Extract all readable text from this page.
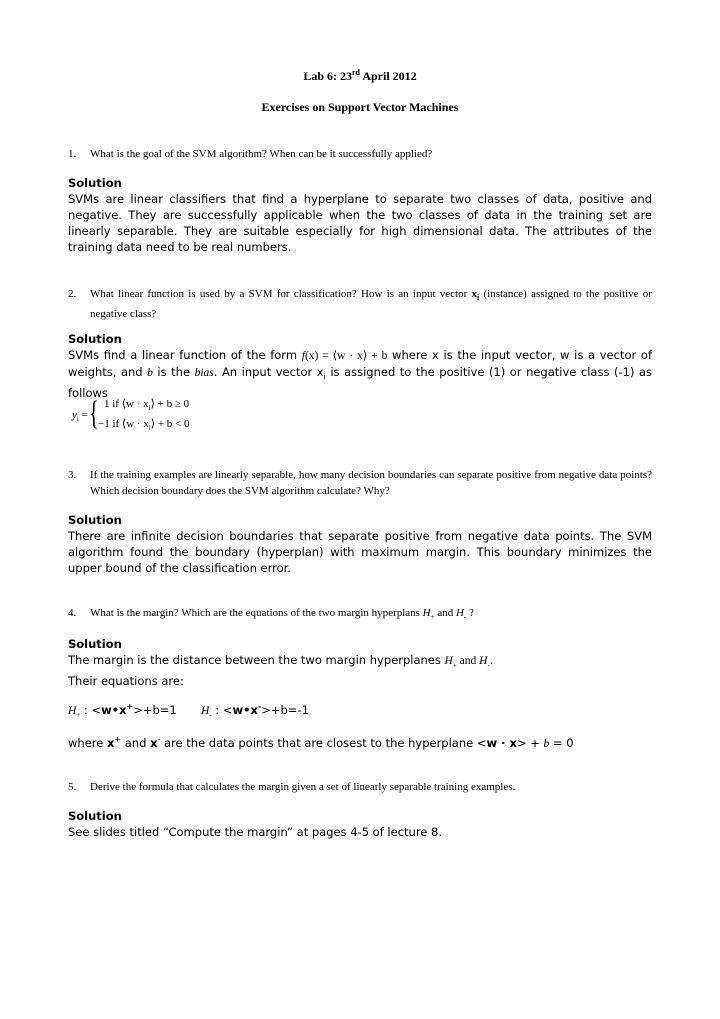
Lab 6: 23rd April 2012
Exercises on Support Vector Machines
1.	What is the goal of the SVM algorithm? When can be it successfully applied?
Solution
SVMs are linear classifiers that find a hyperplane to separate two classes of data, positive and negative. They are successfully applicable when the two classes of data in the training set are linearly separable. They are suitable especially for high dimensional data. The attributes of the training data need to be real numbers.
2.	What linear function is used by a SVM for classification? How is an input vector $x_i$ (instance) assigned to the positive or negative class?
Solution
SVMs find a linear function of the form f(x) = ⟨w · x⟩ + b where x is the input vector, w is a vector of weights, and b is the bias. An input vector $x_i$ is assigned to the positive (1) or negative class (-1) as follows
$y_i$ = { 1 if ⟨w · $x_i⟩ + b \ge 0$
−1 if ⟨w · $x_i⟩ + b < 0$
3.	If the training examples are linearly separable, how many decision boundaries can separate positive from negative data points? Which decision boundary does the SVM algorithm calculate? Why?
Solution
There are infinite decision boundaries that separate positive from negative data points. The SVM algorithm found the boundary (hyperplan) with maximum margin. This boundary minimizes the upper bound of the classification error.
4.	What is the margin? Which are the equations of the two margin hyperplans $H_+$ and $H_-$ ?
Solution
The margin is the distance between the two margin hyperplanes $H_+$ and $H_-$.
Their equations are:
$H_+$ : <w•x+>+b=1	$H_-$ : <w•x->+b=-1
where x+ and x- are the data points that are closest to the hyperplane <w · x> + b = 0
5.	Derive the formula that calculates the margin given a set of linearly separable training examples.
Solution
See slides titled “Compute the margin” at pages 4-5 of lecture 8.
